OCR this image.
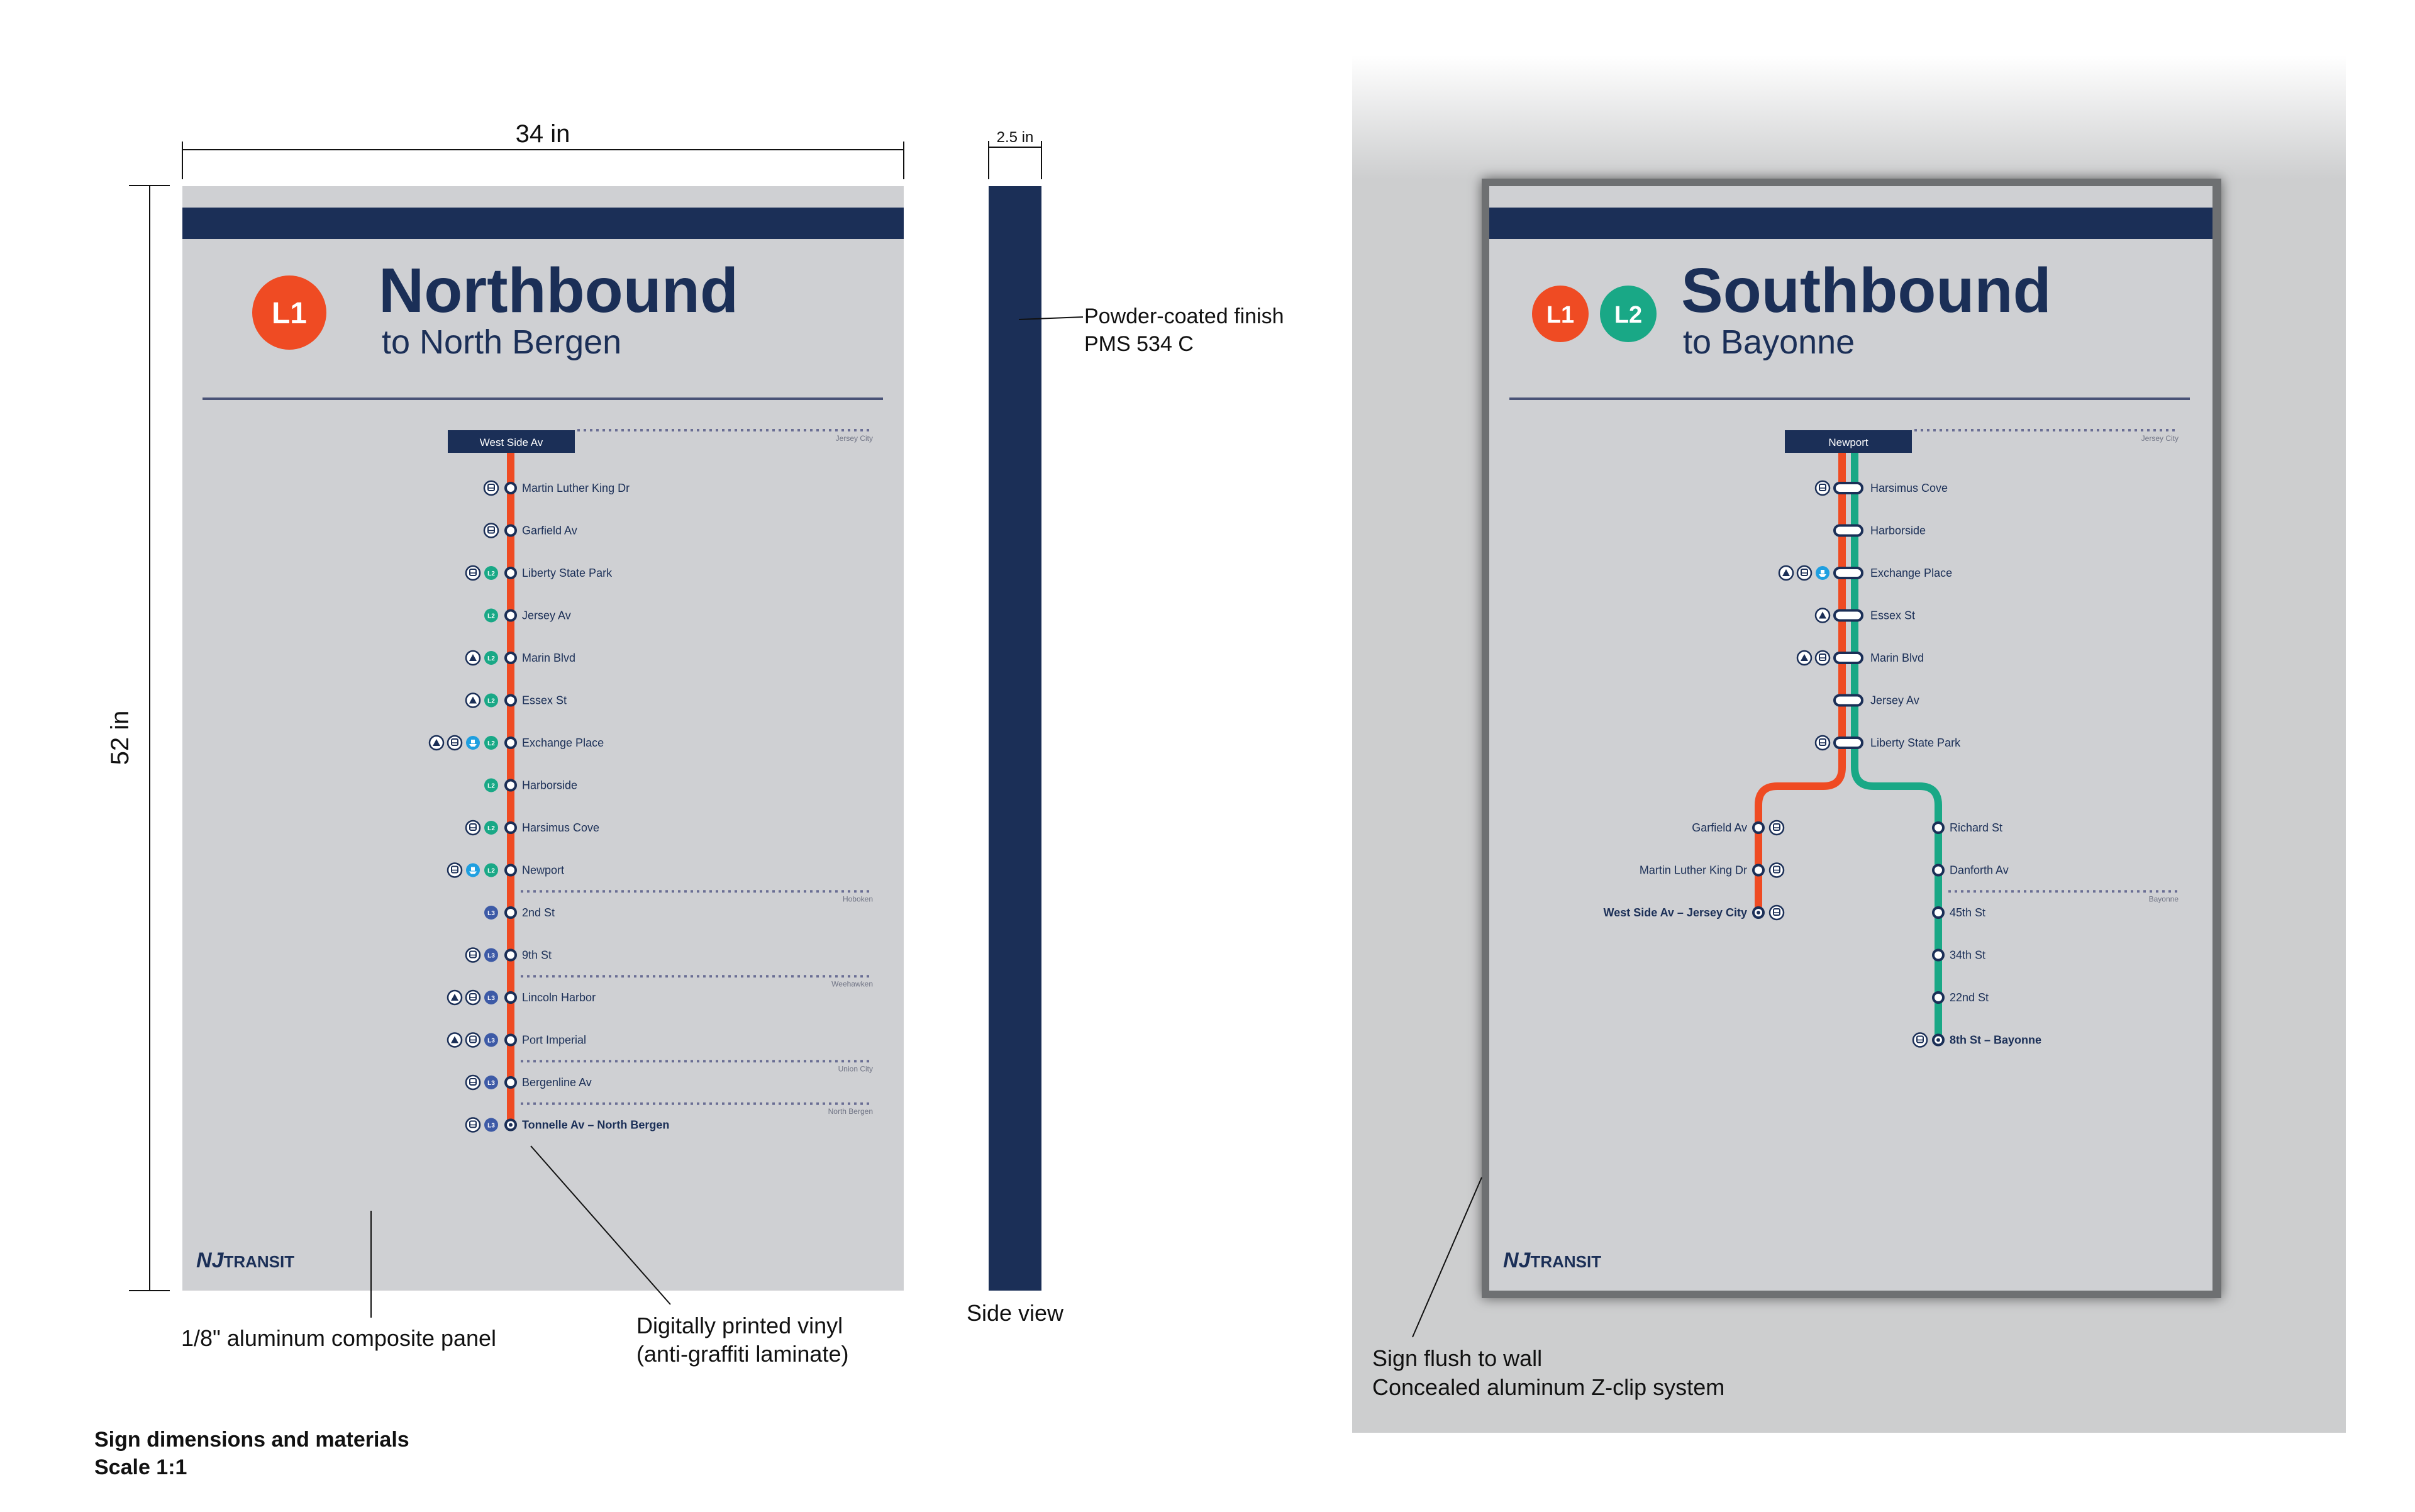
34 in
52 in
2.5 in
Powder-coated finish PMS 534 C
Side view
L1 Northbound
to North Bergen
West Side Av	Jersey City
Martin Luther King Dr
Garfield Av
Liberty State Park
L2
Jersey Av
L2
Marin Blvd
L2
Essex St
L2
Exchange Place
L2
Harborside
L2
Harsimus Cove
L2
Newport
L2
2nd St
L3
9th St
L3
Lincoln Harbor
L3
Port Imperial
L3
Bergenline Av
L3
Tonnelle Av – North Bergen
L3
Hoboken
Weehawken
Union City
North Bergen
NJTRANSIT
1/8" aluminum composite panel	Digitally printed vinyl (anti-graffiti laminate)
L1 L2 Southbound
to Bayonne
Newport	Jersey City
Harsimus Cove
Harborside
Exchange Place
Essex St
Marin Blvd
Jersey Av
Liberty State Park
Garfield Av
Martin Luther King Dr
West Side Av – Jersey City
Richard St
Danforth Av
45th St
34th St
22nd St
8th St – Bayonne
Bayonne
NJTRANSIT
Sign flush to wall Concealed aluminum Z-clip system
Sign dimensions and materials Scale 1:1
